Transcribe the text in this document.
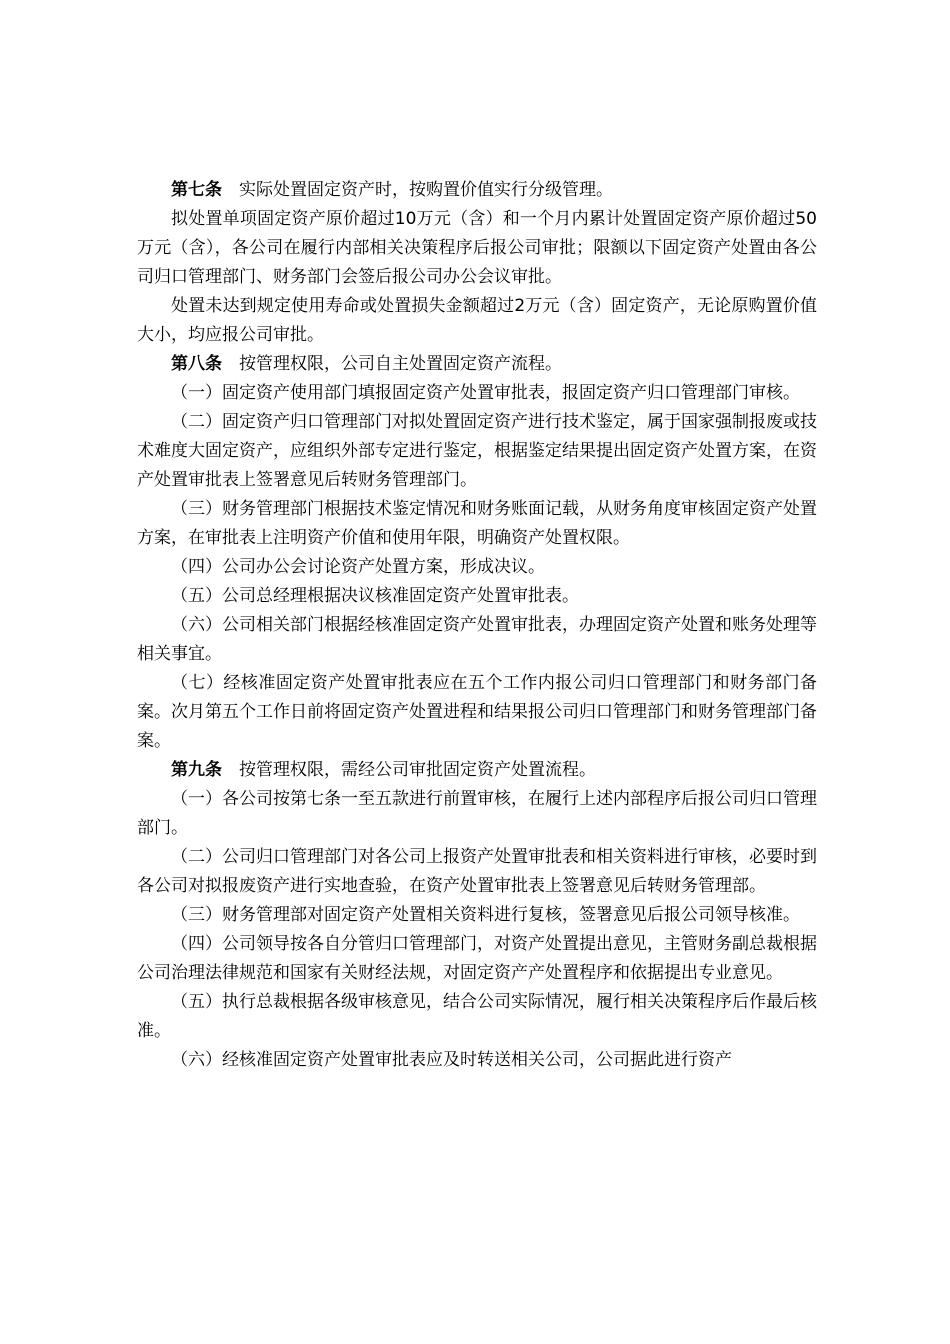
第七条 实际处置固定资产时，按购置价值实行分级管理。

拟处置单项固定资产原价超过10万元（含）和一个月内累计处置固定资产原价超过50万元（含），各公司在履行内部相关决策程序后报公司审批；限额以下固定资产处置由各公司归口管理部门、财务部门会签后报公司办公会议审批。

处置未达到规定使用寿命或处置损失金额超过2万元（含）固定资产，无论原购置价值大小，均应报公司审批。

第八条 按管理权限，公司自主处置固定资产流程。

（一）固定资产使用部门填报固定资产处置审批表，报固定资产归口管理部门审核。

（二）固定资产归口管理部门对拟处置固定资产进行技术鉴定，属于国家强制报废或技术难度大固定资产，应组织外部专定进行鉴定，根据鉴定结果提出固定资产处置方案，在资产处置审批表上签署意见后转财务管理部门。

（三）财务管理部门根据技术鉴定情况和财务账面记载，从财务角度审核固定资产处置方案，在审批表上注明资产价值和使用年限，明确资产处置权限。

（四）公司办公会讨论资产处置方案，形成决议。

（五）公司总经理根据决议核准固定资产处置审批表。

（六）公司相关部门根据经核准固定资产处置审批表，办理固定资产处置和账务处理等相关事宜。

（七）经核准固定资产处置审批表应在五个工作内报公司归口管理部门和财务部门备案。次月第五个工作日前将固定资产处置进程和结果报公司归口管理部门和财务管理部门备案。

第九条 按管理权限，需经公司审批固定资产处置流程。

（一）各公司按第七条一至五款进行前置审核，在履行上述内部程序后报公司归口管理部门。

（二）公司归口管理部门对各公司上报资产处置审批表和相关资料进行审核，必要时到各公司对拟报废资产进行实地查验，在资产处置审批表上签署意见后转财务管理部。

（三）财务管理部对固定资产处置相关资料进行复核，签署意见后报公司领导核准。

（四）公司领导按各自分管归口管理部门，对资产处置提出意见，主管财务副总裁根据公司治理法律规范和国家有关财经法规，对固定资产产处置程序和依据提出专业意见。

（五）执行总裁根据各级审核意见，结合公司实际情况，履行相关决策程序后作最后核准。

（六）经核准固定资产处置审批表应及时转送相关公司，公司据此进行资产
